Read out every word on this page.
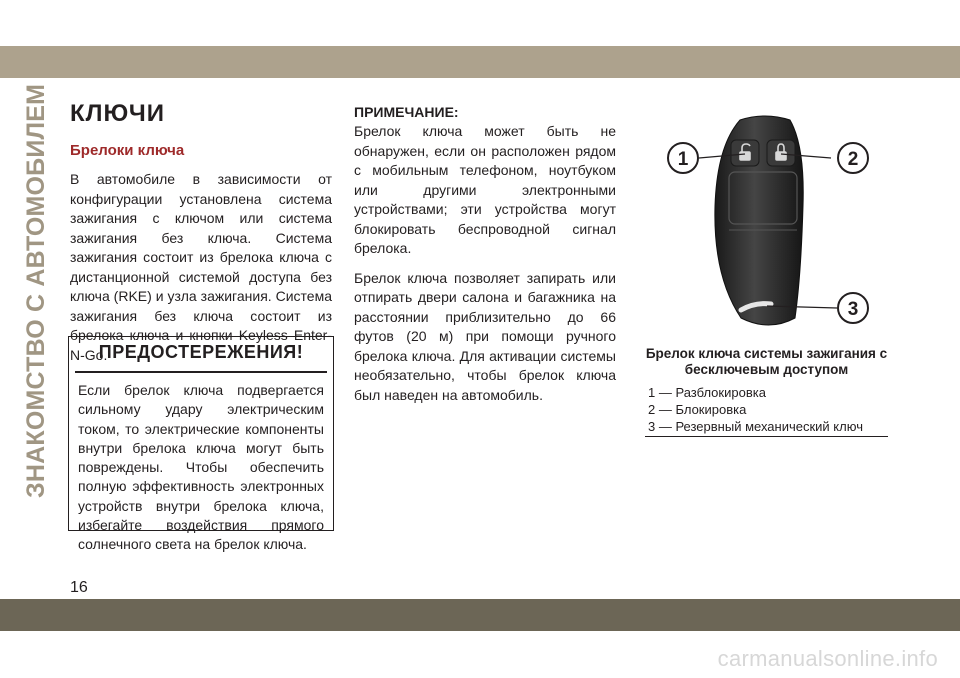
ЗНАКОМСТВО С АВТОМОБИЛЕМ КЛЮЧИ
Брелоки ключа

В автомобиле в зависимости от конфигурации установлена система зажигания с ключом или система зажигания без ключа. Система зажигания состоит из брелока ключа с дистанционной системой доступа без ключа (RKE) и узла зажигания. Система зажигания без ключа состоит из брелока ключа и кнопки Keyless Enter-N-Go.

ПРЕДОСТЕРЕЖЕНИЯ!
Если брелок ключа подвергается сильному удару электрическим током, то электрические компоненты внутри брелока ключа могут быть повреждены. Чтобы обеспечить полную эффективность электронных устройств внутри брелока ключа, избегайте воздействия прямого солнечного света на брелок ключа.
ПРИМЕЧАНИЕ:

Брелок ключа может быть не обнаружен, если он расположен рядом с мобильным телефоном, ноутбуком или другими электронными устройствами; эти устройства могут блокировать беспроводной сигнал брелока.

Брелок ключа позволяет запирать или отпирать двери салона и багажника на расстоянии приблизительно до 66 футов (20 м) при помощи ручного брелока ключа. Для активации системы необязательно, чтобы брелок ключа был наведен на автомобиль.

1	2
3
Брелок ключа системы зажигания с бесключевым доступом
1 — Разблокировка
2 — Блокировка
3 — Резервный механический ключ
16
carmanualsonline.info
